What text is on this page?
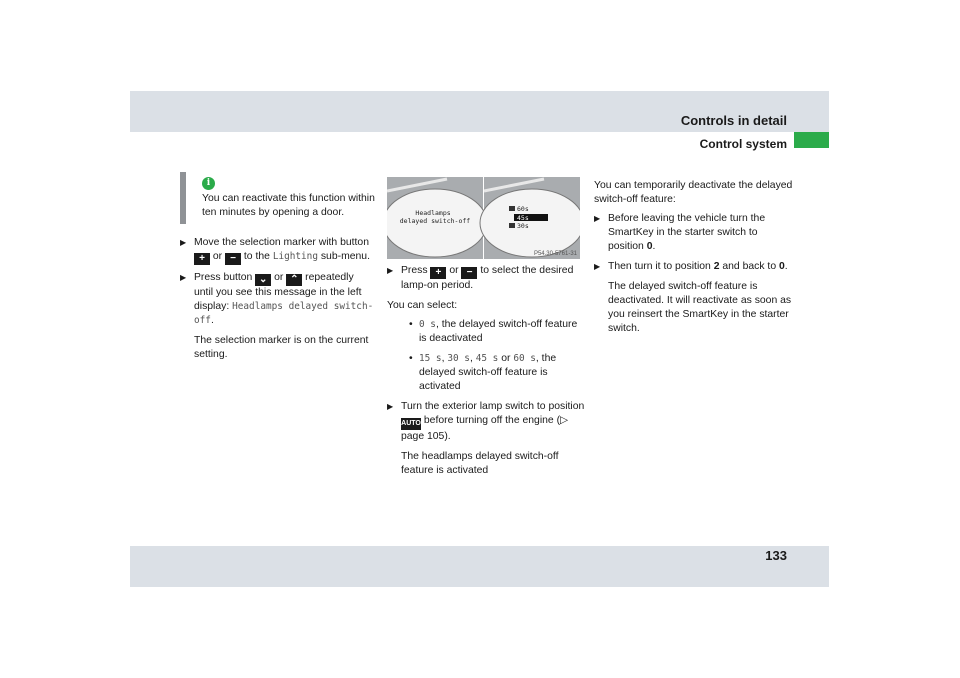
Controls in detail
Control system
i
You can reactivate this function within ten minutes by opening a door.
▶ Move the selection marker with button + or − to the Lighting sub-menu.
▶ Press button ⌄ or ⌃ repeatedly until you see this message in the left display: Headlamps delayed switch-off.
The selection marker is on the current setting.
Headlamps delayed switch-off
60s
45s
30s
P54.30-5761-31
▶ Press + or − to select the desired lamp-on period.

You can select:

• 0 s, the delayed switch-off feature is deactivated
• 15 s, 30 s, 45 s or 60 s, the delayed switch-off feature is activated
▶ Turn the exterior lamp switch to position AUTO before turning off the engine (▷ page 105).
The headlamps delayed switch-off feature is activated

You can temporarily deactivate the delayed switch-off feature:

▶ Before leaving the vehicle turn the SmartKey in the starter switch to position 0.
▶ Then turn it to position 2 and back to 0.
The delayed switch-off feature is deactivated. It will reactivate as soon as you reinsert the SmartKey in the starter switch.
133
